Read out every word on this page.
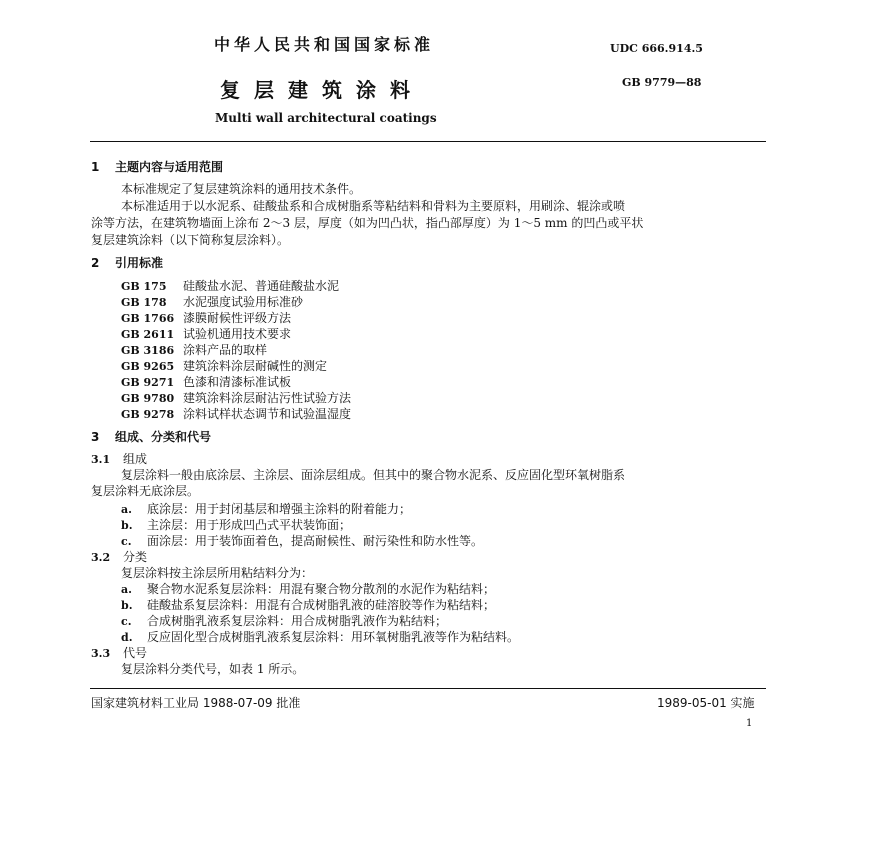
中华人民共和国国家标准	UDC 666.914.5
复层建筑涂料	GB 9779—88
Multi wall architectural coatings
1 主题内容与适用范围
本标准规定了复层建筑涂料的通用技术条件。
本标准适用于以水泥系、硅酸盐系和合成树脂系等粘结料和骨料为主要原料，用刷涂、辊涂或喷
涂等方法，在建筑物墙面上涂布 2～3 层，厚度（如为凹凸状，指凸部厚度）为 1～5 mm 的凹凸或平状
复层建筑涂料（以下简称复层涂料）。
2 引用标准
GB 175 硅酸盐水泥、普通硅酸盐水泥
GB 178 水泥强度试验用标准砂
GB 1766 漆膜耐候性评级方法
GB 2611 试验机通用技术要求
GB 3186 涂料产品的取样
GB 9265 建筑涂料涂层耐碱性的测定
GB 9271 色漆和清漆标准试板
GB 9780 建筑涂料涂层耐沾污性试验方法
GB 9278 涂料试样状态调节和试验温湿度
3 组成、分类和代号
3.1 组成
复层涂料一般由底涂层、主涂层、面涂层组成。但其中的聚合物水泥系、反应固化型环氧树脂系
复层涂料无底涂层。
a. 底涂层：用于封闭基层和增强主涂料的附着能力；
b. 主涂层：用于形成凹凸式平状装饰面；
c. 面涂层：用于装饰面着色，提高耐候性、耐污染性和防水性等。
3.2 分类
复层涂料按主涂层所用粘结料分为：
a. 聚合物水泥系复层涂料：用混有聚合物分散剂的水泥作为粘结料；
b. 硅酸盐系复层涂料：用混有合成树脂乳液的硅溶胶等作为粘结料；
c. 合成树脂乳液系复层涂料：用合成树脂乳液作为粘结料；
d. 反应固化型合成树脂乳液系复层涂料：用环氧树脂乳液等作为粘结料。
3.3 代号
复层涂料分类代号，如表 1 所示。
国家建筑材料工业局 1988-07-09 批准	1989-05-01 实施
1
